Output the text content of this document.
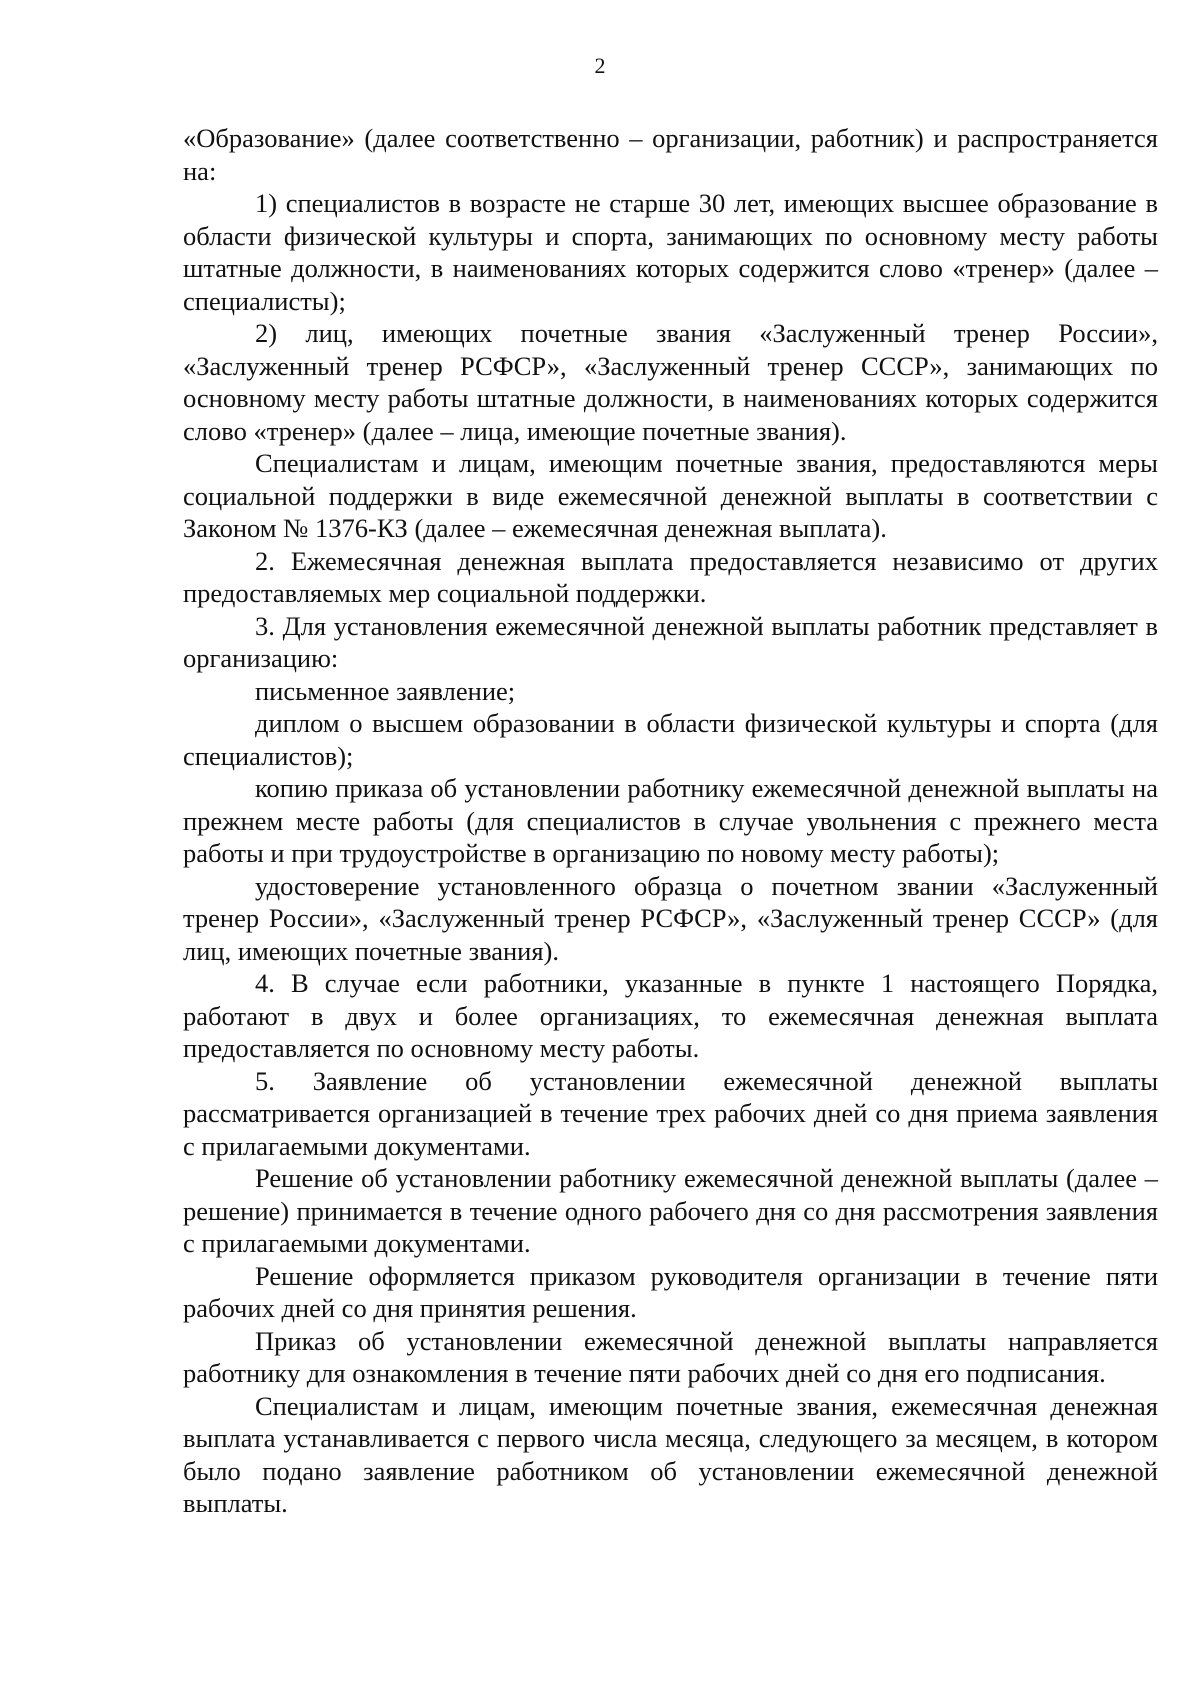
2

«Образование» (далее соответственно – организации, работник) и распространяется на:

1) специалистов в возрасте не старше 30 лет, имеющих высшее образование в области физической культуры и спорта, занимающих по основному месту работы штатные должности, в наименованиях которых содержится слово «тренер» (далее – специалисты);

2) лиц, имеющих почетные звания «Заслуженный тренер России», «Заслуженный тренер РСФСР», «Заслуженный тренер СССР», занимающих по основному месту работы штатные должности, в наименованиях которых содержится слово «тренер» (далее – лица, имеющие почетные звания).

Специалистам и лицам, имеющим почетные звания, предоставляются меры социальной поддержки в виде ежемесячной денежной выплаты в соответствии с Законом № 1376-КЗ (далее – ежемесячная денежная выплата).

2. Ежемесячная денежная выплата предоставляется независимо от других предоставляемых мер социальной поддержки.

3. Для установления ежемесячной денежной выплаты работник представляет в организацию:

письменное заявление;

диплом о высшем образовании в области физической культуры и спорта (для специалистов);

копию приказа об установлении работнику ежемесячной денежной выплаты на прежнем месте работы (для специалистов в случае увольнения с прежнего места работы и при трудоустройстве в организацию по новому месту работы);

удостоверение установленного образца о почетном звании «Заслуженный тренер России», «Заслуженный тренер РСФСР», «Заслуженный тренер СССР» (для лиц, имеющих почетные звания).

4. В случае если работники, указанные в пункте 1 настоящего Порядка, работают в двух и более организациях, то ежемесячная денежная выплата предоставляется по основному месту работы.

5. Заявление об установлении ежемесячной денежной выплаты рассматривается организацией в течение трех рабочих дней со дня приема заявления с прилагаемыми документами.

Решение об установлении работнику ежемесячной денежной выплаты (далее – решение) принимается в течение одного рабочего дня со дня рассмотрения заявления с прилагаемыми документами.

Решение оформляется приказом руководителя организации в течение пяти рабочих дней со дня принятия решения.

Приказ об установлении ежемесячной денежной выплаты направляется работнику для ознакомления в течение пяти рабочих дней со дня его подписания.

Специалистам и лицам, имеющим почетные звания, ежемесячная денежная выплата устанавливается с первого числа месяца, следующего за месяцем, в котором было подано заявление работником об установлении ежемесячной денежной выплаты.
